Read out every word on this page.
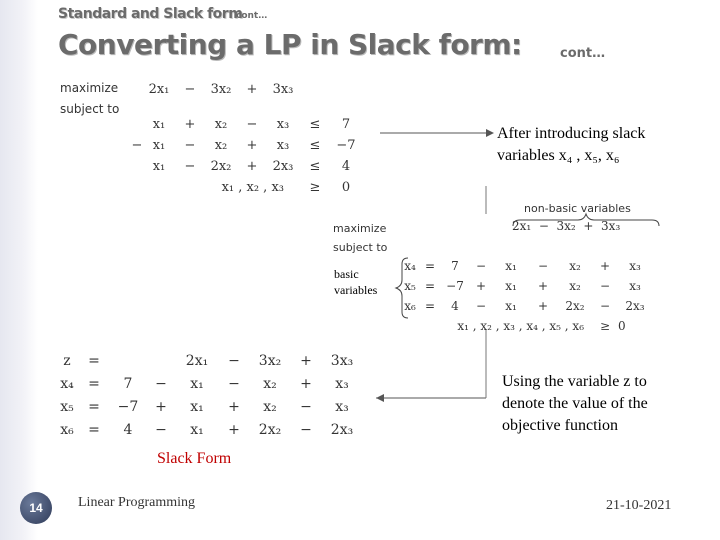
Standard and Slack form
cont…
Converting a LP in Slack form:	cont…
maximize
subject to
	2x₁	−	3x₂	+	3x₃		

	x₁	+	x₂	−	x₃	≤	7
−	x₁	−	x₂	+	x₃	≤	−7
	x₁	−	2x₂	+	2x₃	≤	4
x₁ , x₂ , x₃						≥	0
After introducing slack variables x₄ , x₅, x₆
non-basic variables
maximize
subject to
2x₁  −  3x₂  +  3x₃
basic
variables
x₄	=	7	−	x₁	−	x₂	+	x₃
x₅	=	−7	+	x₁	+	x₂	−	x₃
x₆	=	4	−	x₁	+	2x₂	−	2x₃
x₁ , x₂ , x₃ , x₄ , x₅ , x₆							≥	0
z	=			2x₁	−	3x₂	+	3x₃
x₄	=	7	−	x₁	−	x₂	+	x₃
x₅	=	−7	+	x₁	+	x₂	−	x₃
x₆	=	4	−	x₁	+	2x₂	−	2x₃
Using the variable z to denote the value of the objective function
Slack Form
14	Linear Programming	21-10-2021
